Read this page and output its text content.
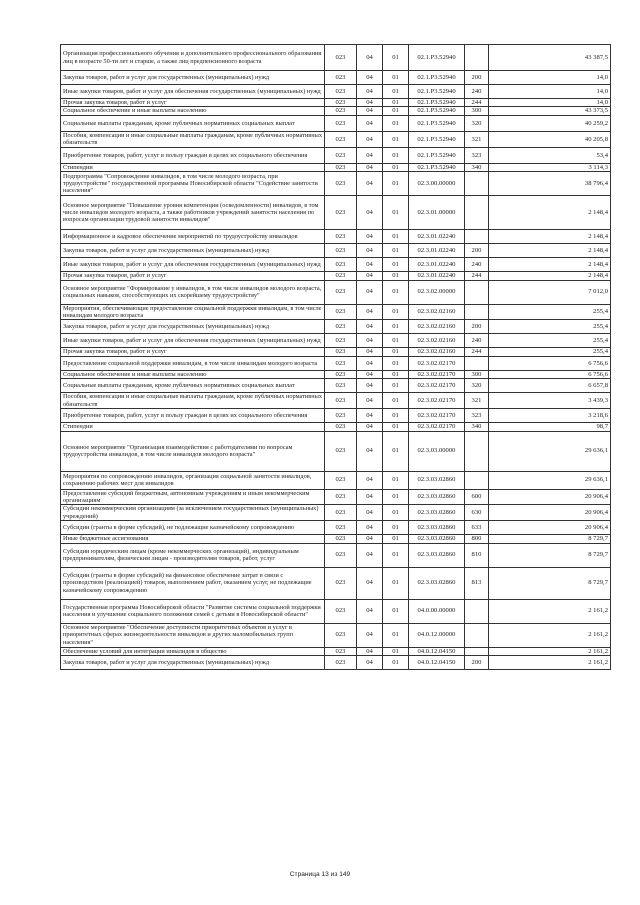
Организация профессионального обучения и дополнительного профессионального образования лиц в возрасте 50-ти лет и старше, а также лиц предпенсионного возраста	023	04	01	02.1.P3.52940		43 387,5
Закупка товаров, работ и услуг для государственных (муниципальных) нужд	023	04	01	02.1.P3.52940	200	14,0
Иные закупки товаров, работ и услуг для обеспечения государственных (муниципальных) нужд	023	04	01	02.1.P3.52940	240	14,0
Прочая закупка товаров, работ и услуг	023	04	01	02.1.P3.52940	244	14,0
Социальное обеспечение и иные выплаты населению	023	04	01	02.1.P3.52940	300	43 373,5
Социальные выплаты гражданам, кроме публичных нормативных социальных выплат	023	04	01	02.1.P3.52940	320	40 259,2
Пособия, компенсации и иные социальные выплаты гражданам, кроме публичных нормативных обязательств	023	04	01	02.1.P3.52940	321	40 205,8
Приобретение товаров, работ, услуг в пользу граждан в целях их социального обеспечения	023	04	01	02.1.P3.52940	323	53,4
Стипендии	023	04	01	02.1.P3.52940	340	3 114,3
Подпрограмма "Сопровождение инвалидов, в том числе молодого возраста, при трудоустройстве" государственной программы Новосибирской области "Содействие занятости населения"	023	04	01	02.3.00.00000		38 796,4
Основное мероприятие "Повышение уровня компетенции (осведомленности) инвалидов, в том числе инвалидов молодого возраста, а также работников учреждений занятости населения по вопросам организации трудовой занятости инвалидов"	023	04	01	02.3.01.00000		2 148,4
Информационное и кадровое обеспечение мероприятий по трудоустройству инвалидов	023	04	01	02.3.01.02240		2 148,4
Закупка товаров, работ и услуг для государственных (муниципальных) нужд	023	04	01	02.3.01.02240	200	2 148,4
Иные закупки товаров, работ и услуг для обеспечения государственных (муниципальных) нужд	023	04	01	02.3.01.02240	240	2 148,4
Прочая закупка товаров, работ и услуг	023	04	01	02.3.01.02240	244	2 148,4
Основное мероприятие "Формирование у инвалидов, в том числе инвалидов молодого возраста, социальных навыков, способствующих их скорейшему трудоустройству"	023	04	01	02.3.02.00000		7 012,0
Мероприятия, обеспечивающие предоставление социальной поддержки инвалидам, в том числе инвалидам молодого возраста	023	04	01	02.3.02.02160		255,4
Закупка товаров, работ и услуг для государственных (муниципальных) нужд	023	04	01	02.3.02.02160	200	255,4
Иные закупки товаров, работ и услуг для обеспечения государственных (муниципальных) нужд	023	04	01	02.3.02.02160	240	255,4
Прочая закупка товаров, работ и услуг	023	04	01	02.3.02.02160	244	255,4
Предоставление социальной поддержки инвалидам, в том числе инвалидам молодого возраста	023	04	01	02.3.02.02170		6 756,6
Социальное обеспечение и иные выплаты населению	023	04	01	02.3.02.02170	300	6 756,6
Социальные выплаты гражданам, кроме публичных нормативных социальных выплат	023	04	01	02.3.02.02170	320	6 657,8
Пособия, компенсации и иные социальные выплаты гражданам, кроме публичных нормативных обязательств	023	04	01	02.3.02.02170	321	3 439,3
Приобретение товаров, работ, услуг в пользу граждан в целях их социального обеспечения	023	04	01	02.3.02.02170	323	3 218,6
Стипендии	023	04	01	02.3.02.02170	340	98,7
Основное мероприятие "Организация взаимодействия с работодателями по вопросам трудоустройства инвалидов, в том числе инвалидов молодого возраста"	023	04	01	02.3.03.00000		29 636,1
Мероприятия по сопровождению инвалидов, организация социальной занятости инвалидов, сохранению рабочих мест для инвалидов	023	04	01	02.3.03.02860		29 636,1
Предоставление субсидий бюджетным, автономным учреждениям и иным некоммерческим организациям	023	04	01	02.3.03.02860	600	20 906,4
Субсидии некоммерческим организациям (за исключением государственных (муниципальных) учреждений)	023	04	01	02.3.03.02860	630	20 906,4
Субсидии (гранты в форме субсидий), не подлежащие казначейскому сопровождению	023	04	01	02.3.03.02860	633	20 906,4
Иные бюджетные ассигнования	023	04	01	02.3.03.02860	800	8 729,7
Субсидии юридическим лицам (кроме некоммерческих организаций), индивидуальным предпринимателям, физическим лицам - производителям товаров, работ, услуг	023	04	01	02.3.03.02860	810	8 729,7
Субсидии (гранты в форме субсидий) на финансовое обеспечение затрат в связи с производством (реализацией) товаров, выполнением работ, оказанием услуг, не подлежащие казначейскому сопровождению	023	04	01	02.3.03.02860	813	8 729,7
Государственная программа Новосибирской области "Развитие системы социальной поддержки населения и улучшение социального положения семей с детьми в Новосибирской области"	023	04	01	04.0.00.00000		2 161,2
Основное мероприятие "Обеспечение доступности приоритетных объектов и услуг в приоритетных сферах жизнедеятельности инвалидов и других маломобильных групп населения"	023	04	01	04.0.12.00000		2 161,2
Обеспечение условий для интеграции инвалидов в общество	023	04	01	04.0.12.04150		2 161,2
Закупка товаров, работ и услуг для государственных (муниципальных) нужд	023	04	01	04.0.12.04150	200	2 161,2
Страница 13 из 149
